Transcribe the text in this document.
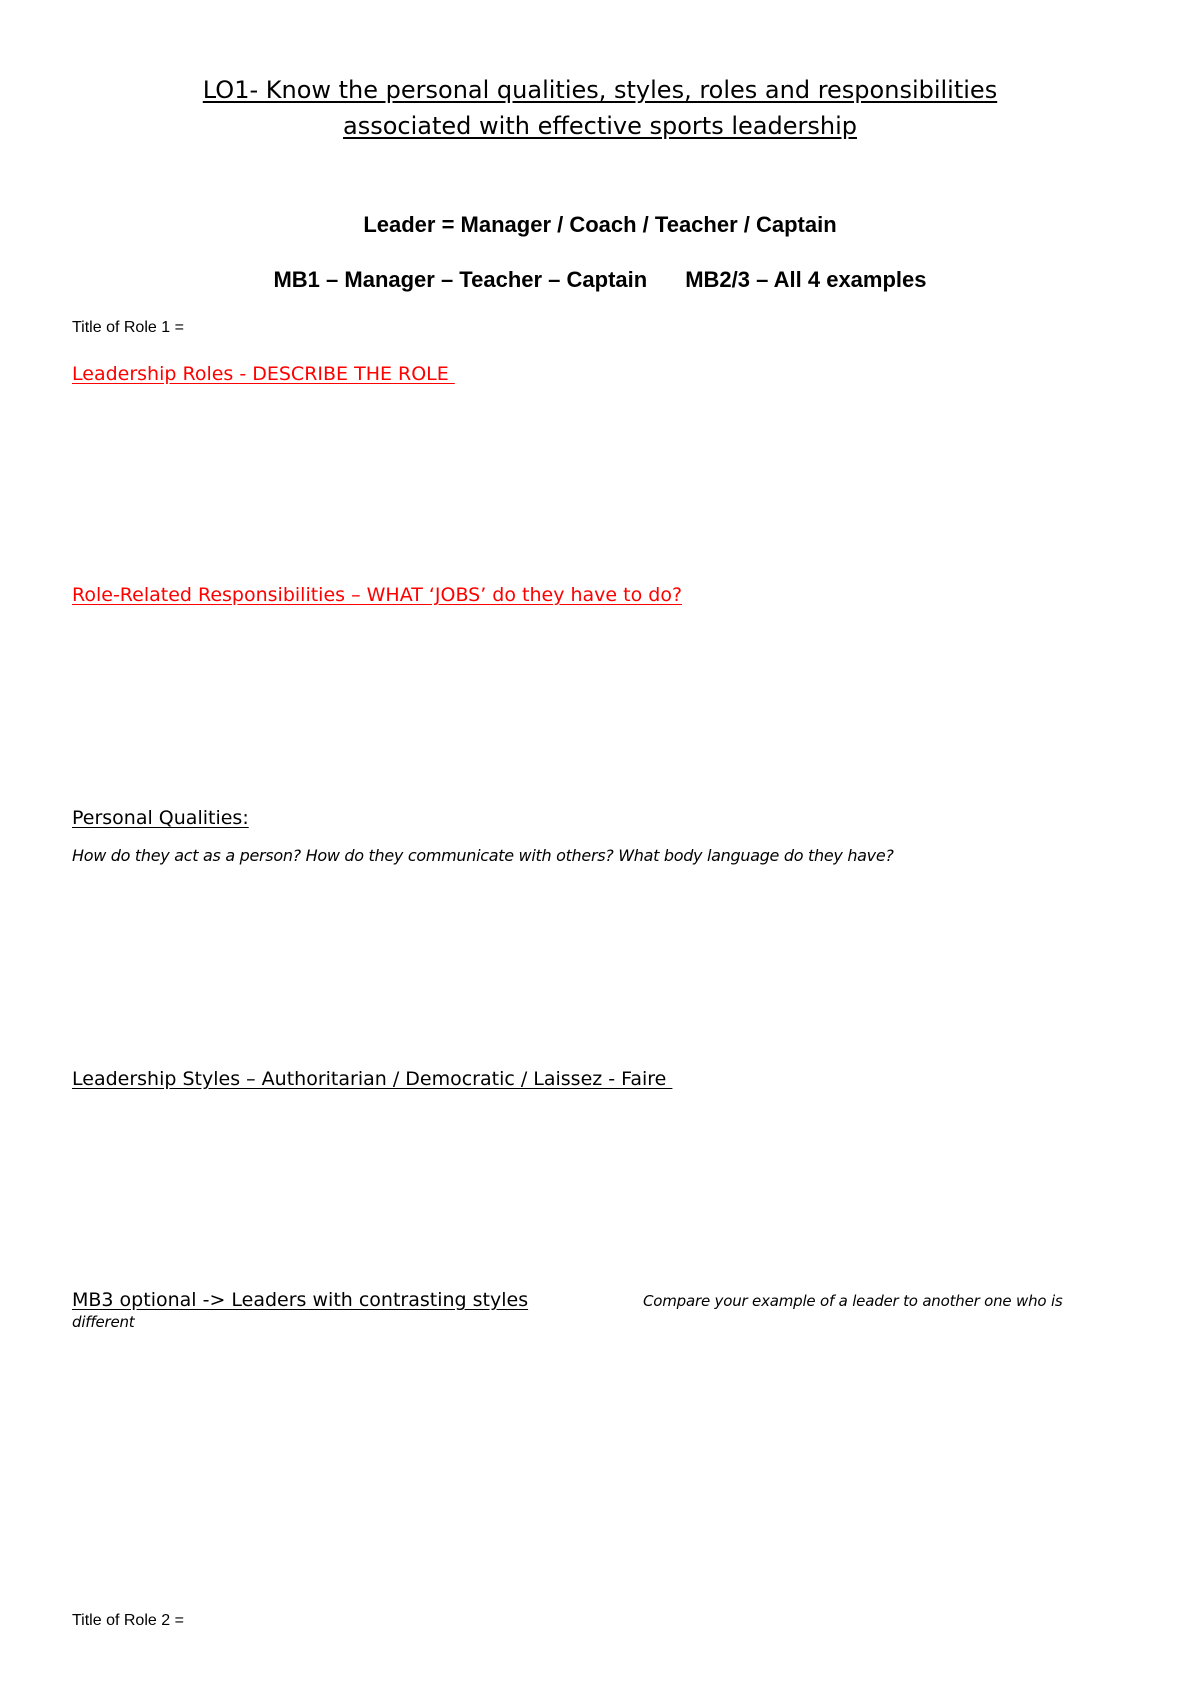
LO1- Know the personal qualities, styles, roles and responsibilities
associated with effective sports leadership
Leader = Manager / Coach / Teacher / Captain
MB1 – Manager – Teacher – Captain MB2/3 – All 4 examples
Title of Role 1 =
Leadership Roles - DESCRIBE THE ROLE
Role-Related Responsibilities – WHAT ‘JOBS’ do they have to do?
Personal Qualities:
How do they act as a person? How do they communicate with others? What body language do they have?
Leadership Styles – Authoritarian / Democratic / Laissez - Faire
MB3 optional -> Leaders with contrasting styles	Compare your example of a leader to another one who is
different
Title of Role 2 =
